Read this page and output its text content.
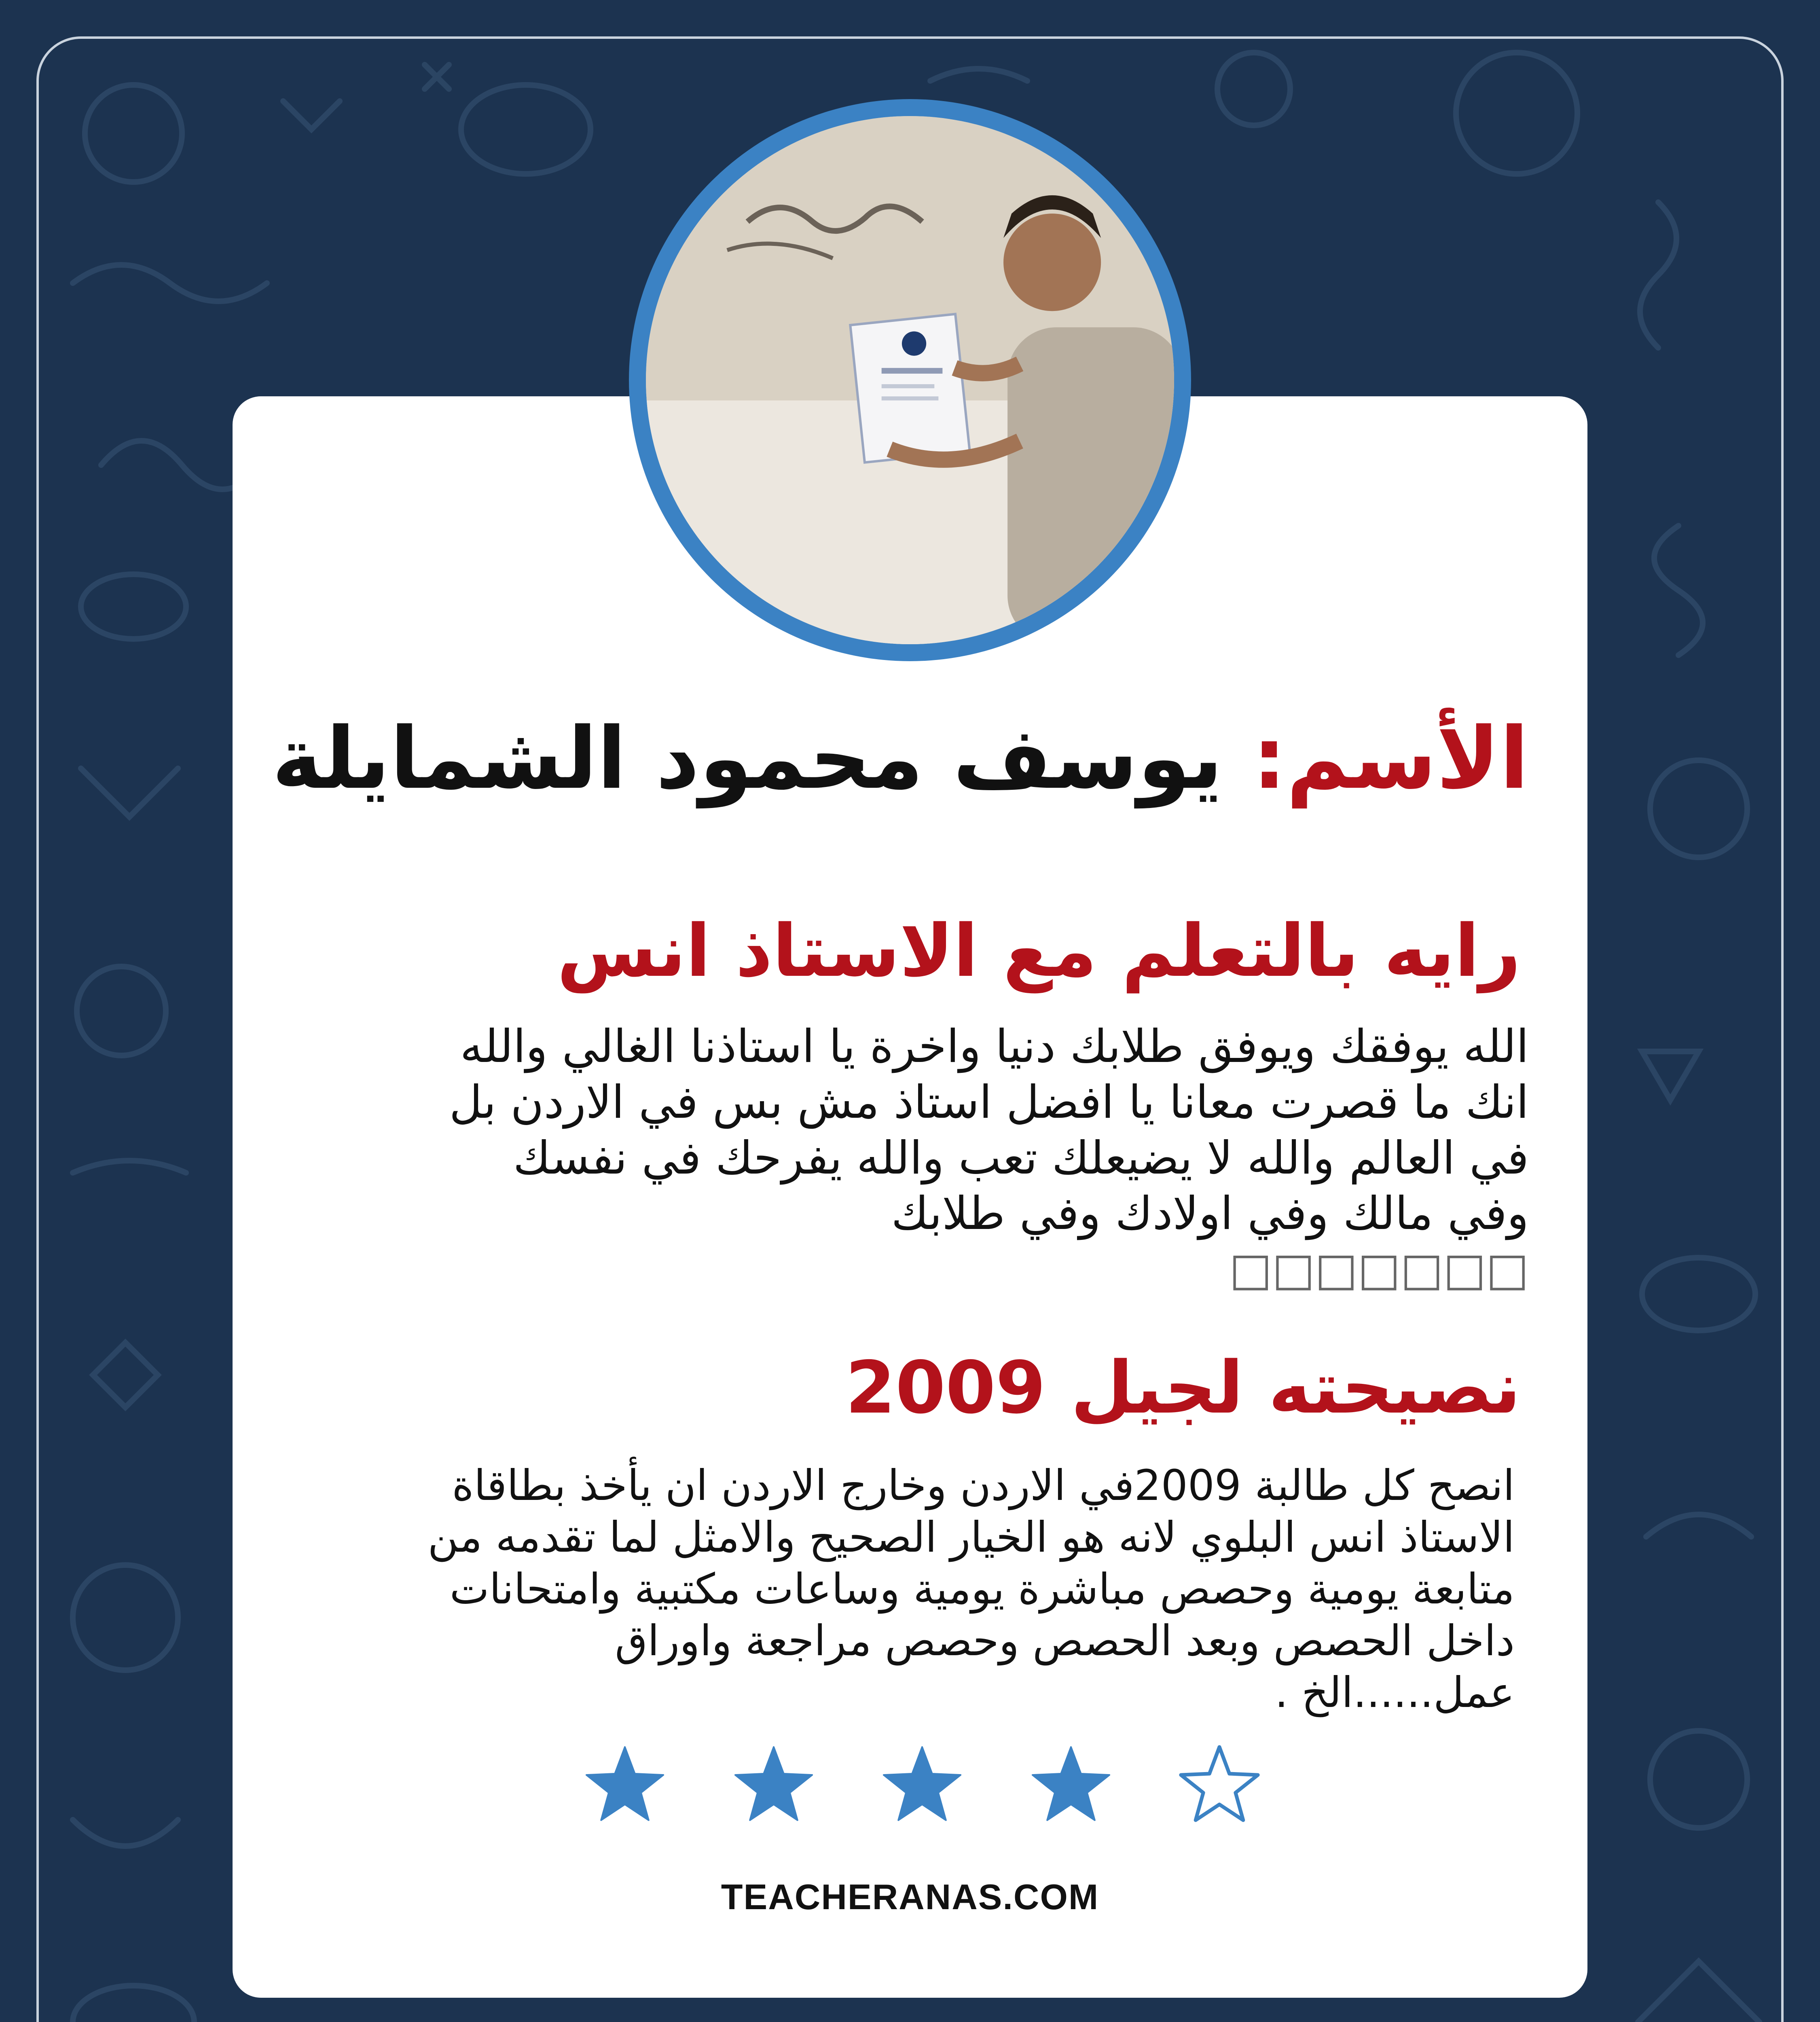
الأسم: يوسف محمود الشمايلة
رايه بالتعلم مع الاستاذ انس
الله يوفقك ويوفق طلابك دنيا واخرة يا استاذنا الغالي والله انك ما قصرت معانا يا افضل استاذ مش بس في الاردن بل في العالم والله لا يضيعلك تعب والله يفرحك في نفسك وفي مالك وفي اولادك وفي طلابك
□□□□□□□
نصيحته لجيل 2009
انصح كل طالبة 2009في الاردن وخارج الاردن ان يأخذ بطاقاة الاستاذ انس البلوي لانه هو الخيار الصحيح والامثل لما تقدمه من متابعة يومية وحصص مباشرة يومية وساعات مكتبية وامتحانات داخل الحصص وبعد الحصص وحصص مراجعة واوراق عمل......الخ .
TEACHERANAS.COM
